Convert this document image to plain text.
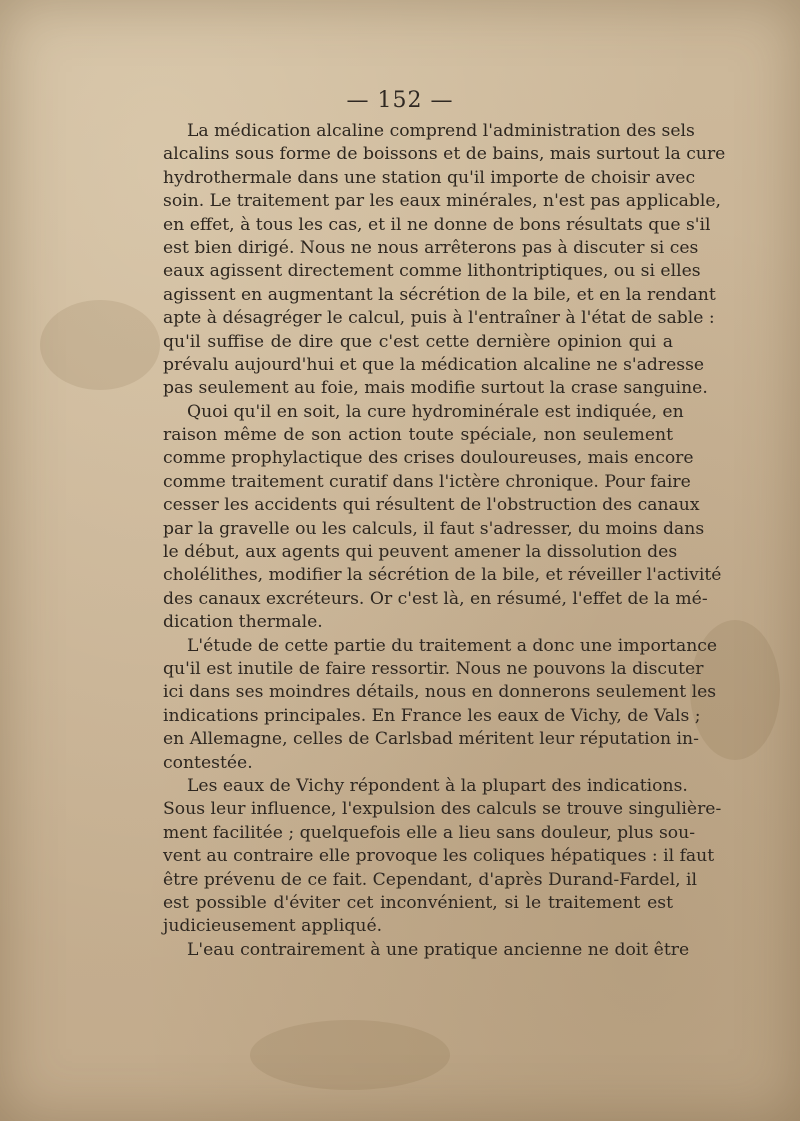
— 152 —
La médication alcaline comprend l'administration des sels
alcalins sous forme de boissons et de bains, mais surtout la cure
hydrothermale dans une station qu'il importe de choisir avec
soin. Le traitement par les eaux minérales, n'est pas applicable,
en effet, à tous les cas, et il ne donne de bons résultats que s'il
est bien dirigé. Nous ne nous arrêterons pas à discuter si ces
eaux agissent directement comme lithontriptiques, ou si elles
agissent en augmentant la sécrétion de la bile, et en la rendant
apte à désagréger le calcul, puis à l'entraîner à l'état de sable :
qu'il suffise de dire que c'est cette dernière opinion qui a
prévalu aujourd'hui et que la médication alcaline ne s'adresse
pas seulement au foie, mais modifie surtout la crase sanguine.
Quoi qu'il en soit, la cure hydrominérale est indiquée, en
raison même de son action toute spéciale, non seulement
comme prophylactique des crises douloureuses, mais encore
comme traitement curatif dans l'ictère chronique. Pour faire
cesser les accidents qui résultent de l'obstruction des canaux
par la gravelle ou les calculs, il faut s'adresser, du moins dans
le début, aux agents qui peuvent amener la dissolution des
cholélithes, modifier la sécrétion de la bile, et réveiller l'activité
des canaux excréteurs. Or c'est là, en résumé, l'effet de la mé-
dication thermale.
L'étude de cette partie du traitement a donc une importance
qu'il est inutile de faire ressortir. Nous ne pouvons la discuter
ici dans ses moindres détails, nous en donnerons seulement les
indications principales. En France les eaux de Vichy, de Vals ;
en Allemagne, celles de Carlsbad méritent leur réputation in-
contestée.
Les eaux de Vichy répondent à la plupart des indications.
Sous leur influence, l'expulsion des calculs se trouve singulière-
ment facilitée ; quelquefois elle a lieu sans douleur, plus sou-
vent au contraire elle provoque les coliques hépatiques : il faut
être prévenu de ce fait. Cependant, d'après Durand-Fardel, il
est possible d'éviter cet inconvénient, si le traitement est
judicieusement appliqué.
L'eau contrairement à une pratique ancienne ne doit être
